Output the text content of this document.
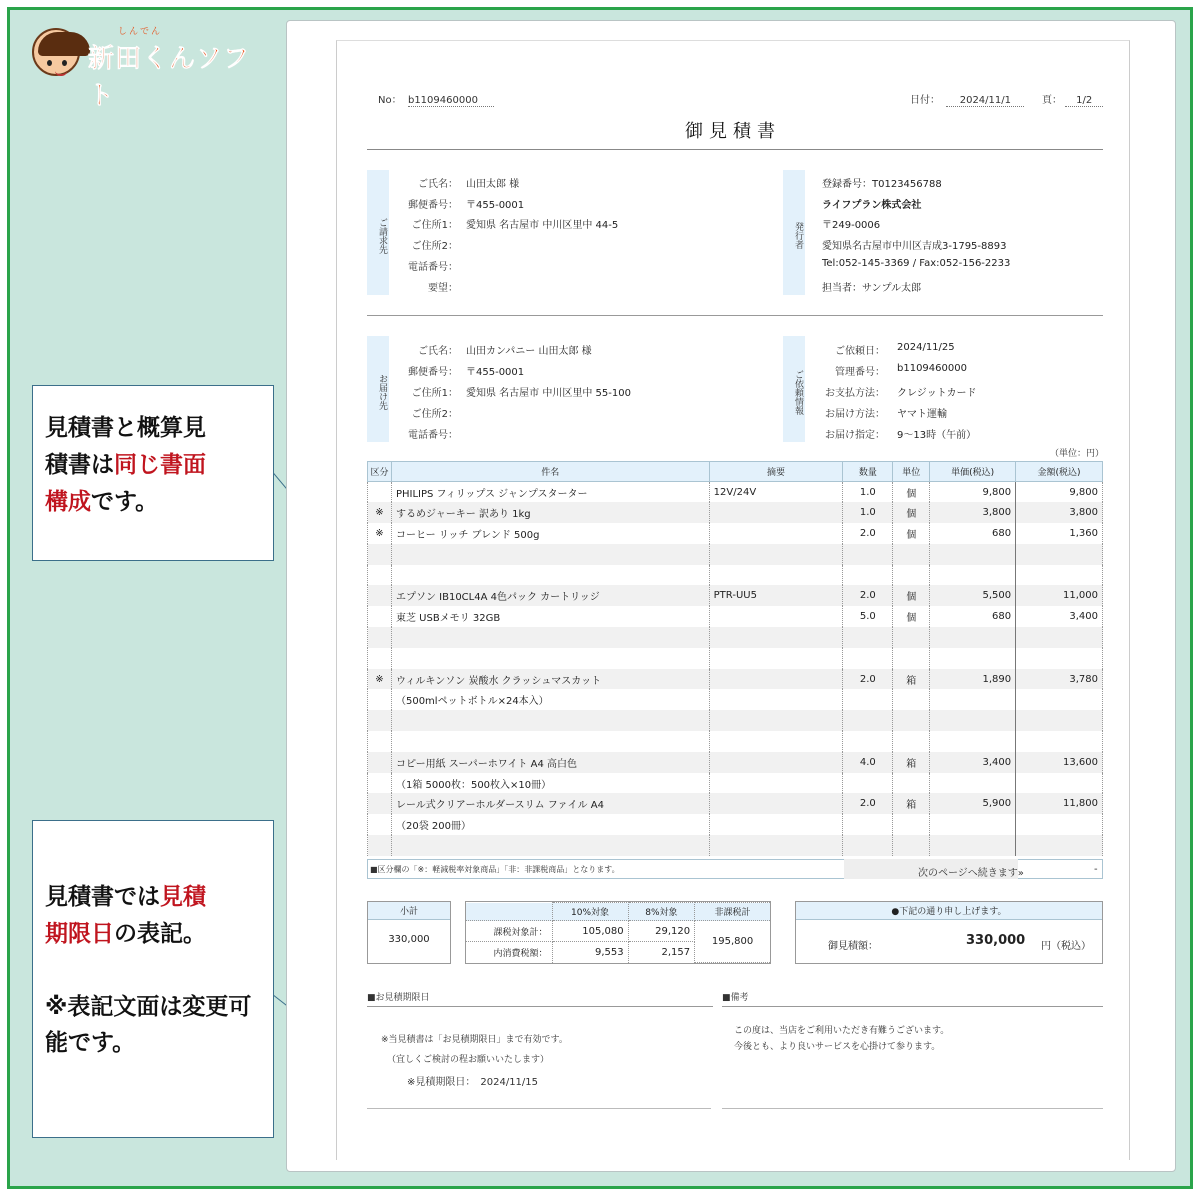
しんでん
新田くんソフト
見積書と概算見
積書は同じ書面
構成です。

見積書では見積
期限日の表記。

※表記文面は変更可能です。

No： b1109460000	日付： 2024/11/1	頁： 1/2
御見積書
ご請求先
ご氏名： 山田太郎 様
郵便番号： 〒455-0001
ご住所1： 愛知県 名古屋市 中川区里中 44-5
ご住所2：
電話番号：
要望：
発行者
登録番号：T0123456788
ライフプラン株式会社
〒249-0006
愛知県名古屋市中川区吉成3-1795-8893
Tel:052-145-3369 / Fax:052-156-2233
担当者：サンプル太郎
お届け先
ご氏名： 山田カンパニー 山田太郎 様
郵便番号： 〒455-0001
ご住所1： 愛知県 名古屋市 中川区里中 55-100
ご住所2：
電話番号：
ご依頼情報
ご依頼日： 2024/11/25
管理番号： b1109460000
お支払方法： クレジットカード
お届け方法： ヤマト運輸
お届け指定： 9～13時（午前）
（単位：円）
区分	件名	摘要	数量	単位	単価(税込)	金額(税込)
	PHILIPS フィリップス ジャンプスターター	12V/24V	1.0	個	9,800	9,800
※	するめジャーキー 訳あり 1kg		1.0	個	3,800	3,800
※	コーヒー リッチ ブレンド 500g		2.0	個	680	1,360

	エプソン IB10CL4A 4色パック カートリッジ	PTR-UU5	2.0	個	5,500	11,000
	東芝 USBメモリ 32GB		5.0	個	680	3,400

※	ウィルキンソン 炭酸水 クラッシュマスカット		2.0	箱	1,890	3,780
	（500mlペットボトル×24本入）					

	コピー用紙 スーパーホワイト A4 高白色		4.0	箱	3,400	13,600
	（1箱 5000枚：500枚入×10冊）					
	レール式クリアーホルダースリム ファイル A4		2.0	箱	5,900	11,800
	（20袋 200冊）					

■区分欄の「※：軽減税率対象商品」「非：非課税商品」となります。	次のページへ続きます»	-
小計
330,000
	10%対象	8%対象	非課税計
課税対象計：	105,080	29,120	195,800
内消費税額：	9,553	2,157	
●下記の通り申し上げます。
御見積額：	330,000 円（税込）
■お見積期限日
※当見積書は「お見積期限日」まで有効です。
（宜しくご検討の程お願いいたします）
※見積期限日：　2024/11/15
■備考
この度は、当店をご利用いただき有難うございます。
今後とも、より良いサービスを心掛けて参ります。
